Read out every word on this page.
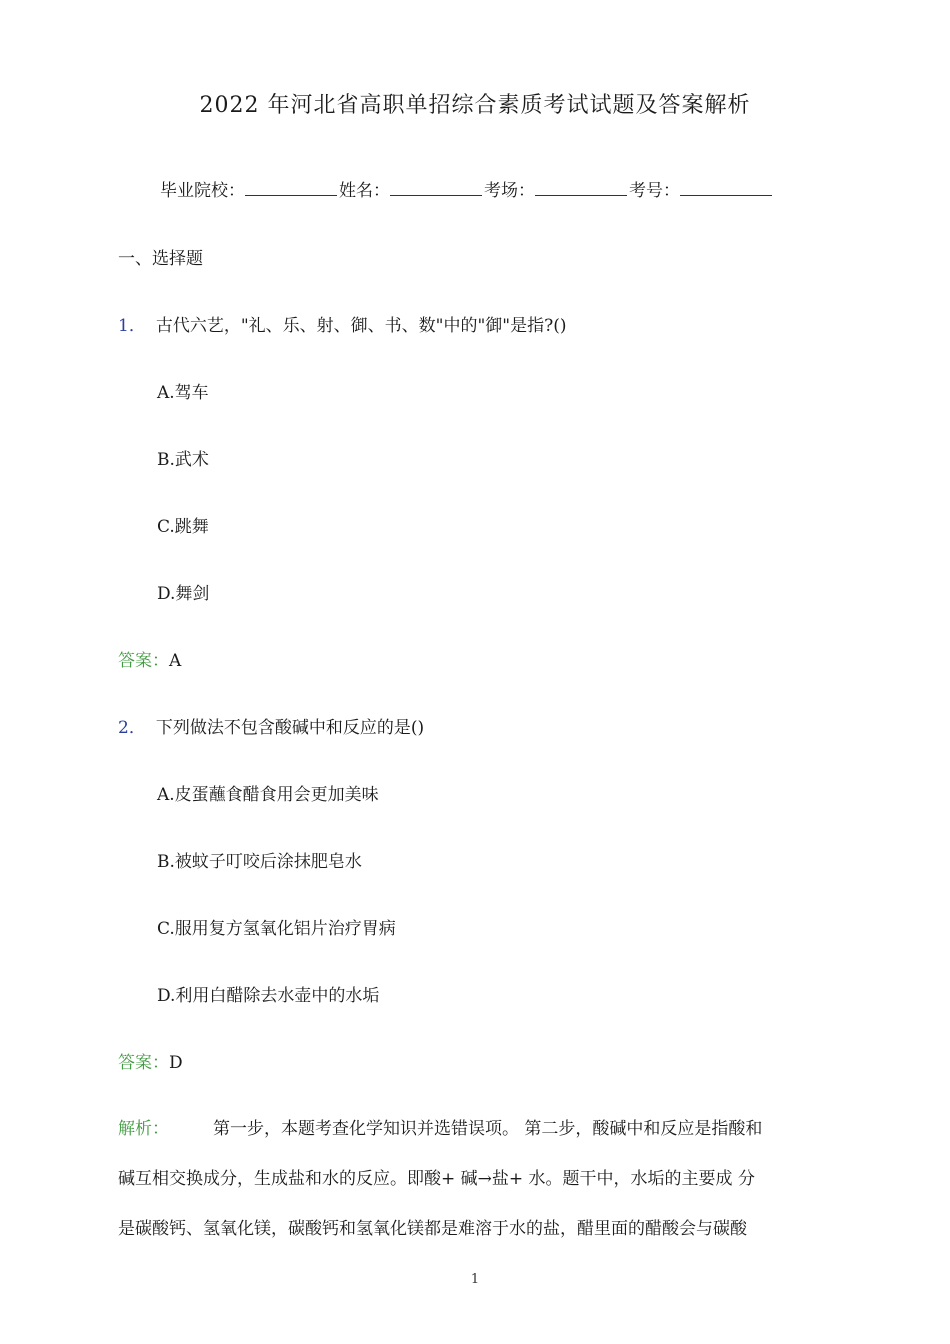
2022 年河北省高职单招综合素质考试试题及答案解析
毕业院校：	姓名：	考场：	考号：
一、选择题
1． 古代六艺，"礼、乐、射、御、书、数"中的"御"是指?()
A.驾车
B.武术
C.跳舞
D.舞剑
答案：A
2． 下列做法不包含酸碱中和反应的是()
A.皮蛋蘸食醋食用会更加美味
B.被蚊子叮咬后涂抹肥皂水
C.服用复方氢氧化铝片治疗胃病
D.利用白醋除去水壶中的水垢
答案：D
解析：	第一步，本题考查化学知识并选错误项。 第二步，酸碱中和反应是指酸和
碱互相交换成分，生成盐和水的反应。即酸+ 碱→盐+ 水。题干中，水垢的主要成 分
是碳酸钙、氢氧化镁，碳酸钙和氢氧化镁都是难溶于水的盐，醋里面的醋酸会与碳酸
1
